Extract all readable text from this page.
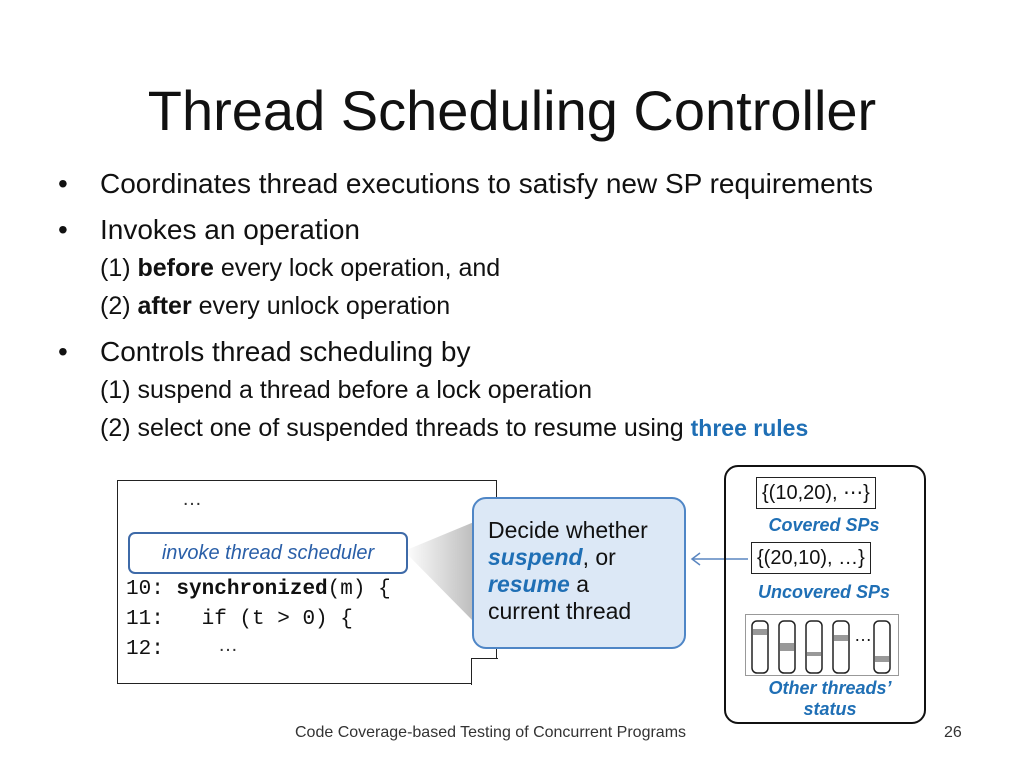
Thread Scheduling Controller
• Coordinates thread executions to satisfy new SP requirements
• Invokes an operation
(1) before every lock operation, and
(2) after every unlock operation
• Controls thread scheduling by
(1) suspend a thread before a lock operation
(2) select one of suspended threads to resume using three rules
…
invoke thread scheduler
10: synchronized(m) {
11:   if (t > 0) {
12:	…
Decide whether
suspend, or
resume a
current thread
{(10,20), ⋯}
Covered SPs
{(20,10), …}
Uncovered SPs
…
Other threads’ status
Code Coverage-based Testing of Concurrent Programs	26
